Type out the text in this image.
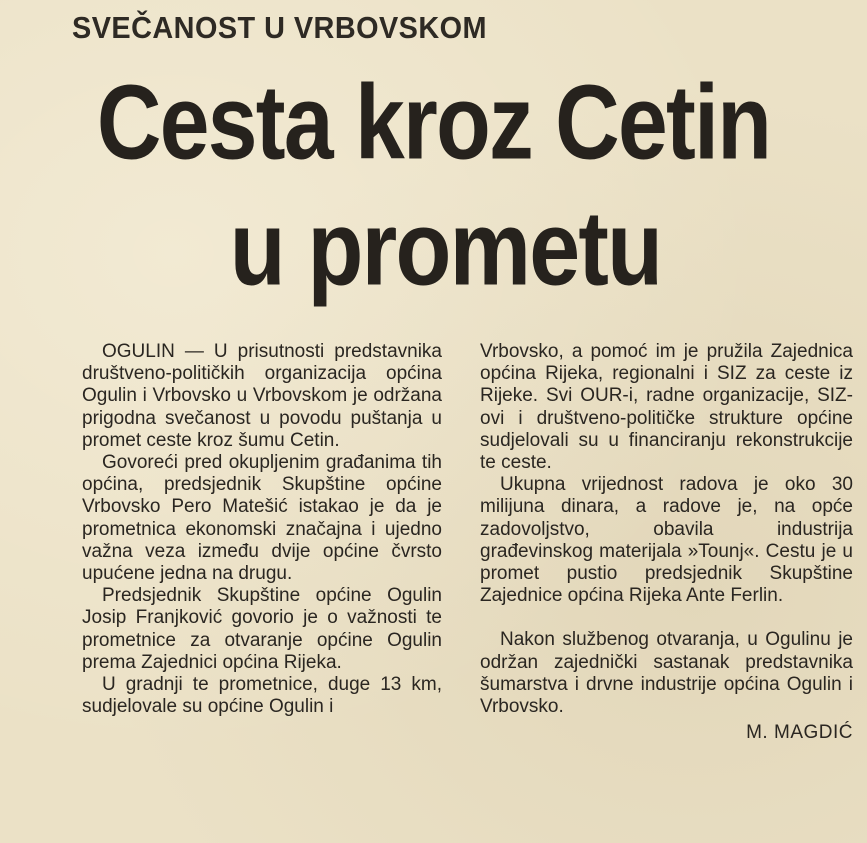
SVEČANOST U VRBOVSKOM
Cesta kroz Cetin
u prometu

OGULIN — U prisutnosti predstavnika društveno-političkih organizacija općina Ogulin i Vrbovsko u Vrbovskom je održana prigodna svečanost u povodu puštanja u promet ceste kroz šumu Cetin.

Govoreći pred okupljenim građanima tih općina, predsjednik Skupštine općine Vrbovsko Pero Matešić istakao je da je prometnica ekonomski značajna i ujedno važna veza između dvije općine čvrsto upućene jedna na drugu.

Predsjednik Skupštine općine Ogulin Josip Franjković govorio je o važnosti te prometnice za otvaranje općine Ogulin prema Zajednici općina Rijeka.

U gradnji te prometnice, duge 13 km, sudjelovale su općine Ogulin i

Vrbovsko, a pomoć im je pružila Zajednica općina Rijeka, regionalni i SIZ za ceste iz Rijeke. Svi OUR-i, radne organizacije, SIZ-ovi i društveno-političke strukture općine sudjelovali su u financiranju rekonstrukcije te ceste.

Ukupna vrijednost radova je oko 30 milijuna dinara, a radove je, na opće zadovoljstvo, obavila industrija građevinskog materijala »Tounj«. Cestu je u promet pustio predsjednik Skupštine Zajednice općina Rijeka Ante Ferlin.

Nakon službenog otvaranja, u Ogulinu je održan zajednički sastanak predstavnika šumarstva i drvne industrije općina Ogulin i Vrbovsko.

M. MAGDIĆ
